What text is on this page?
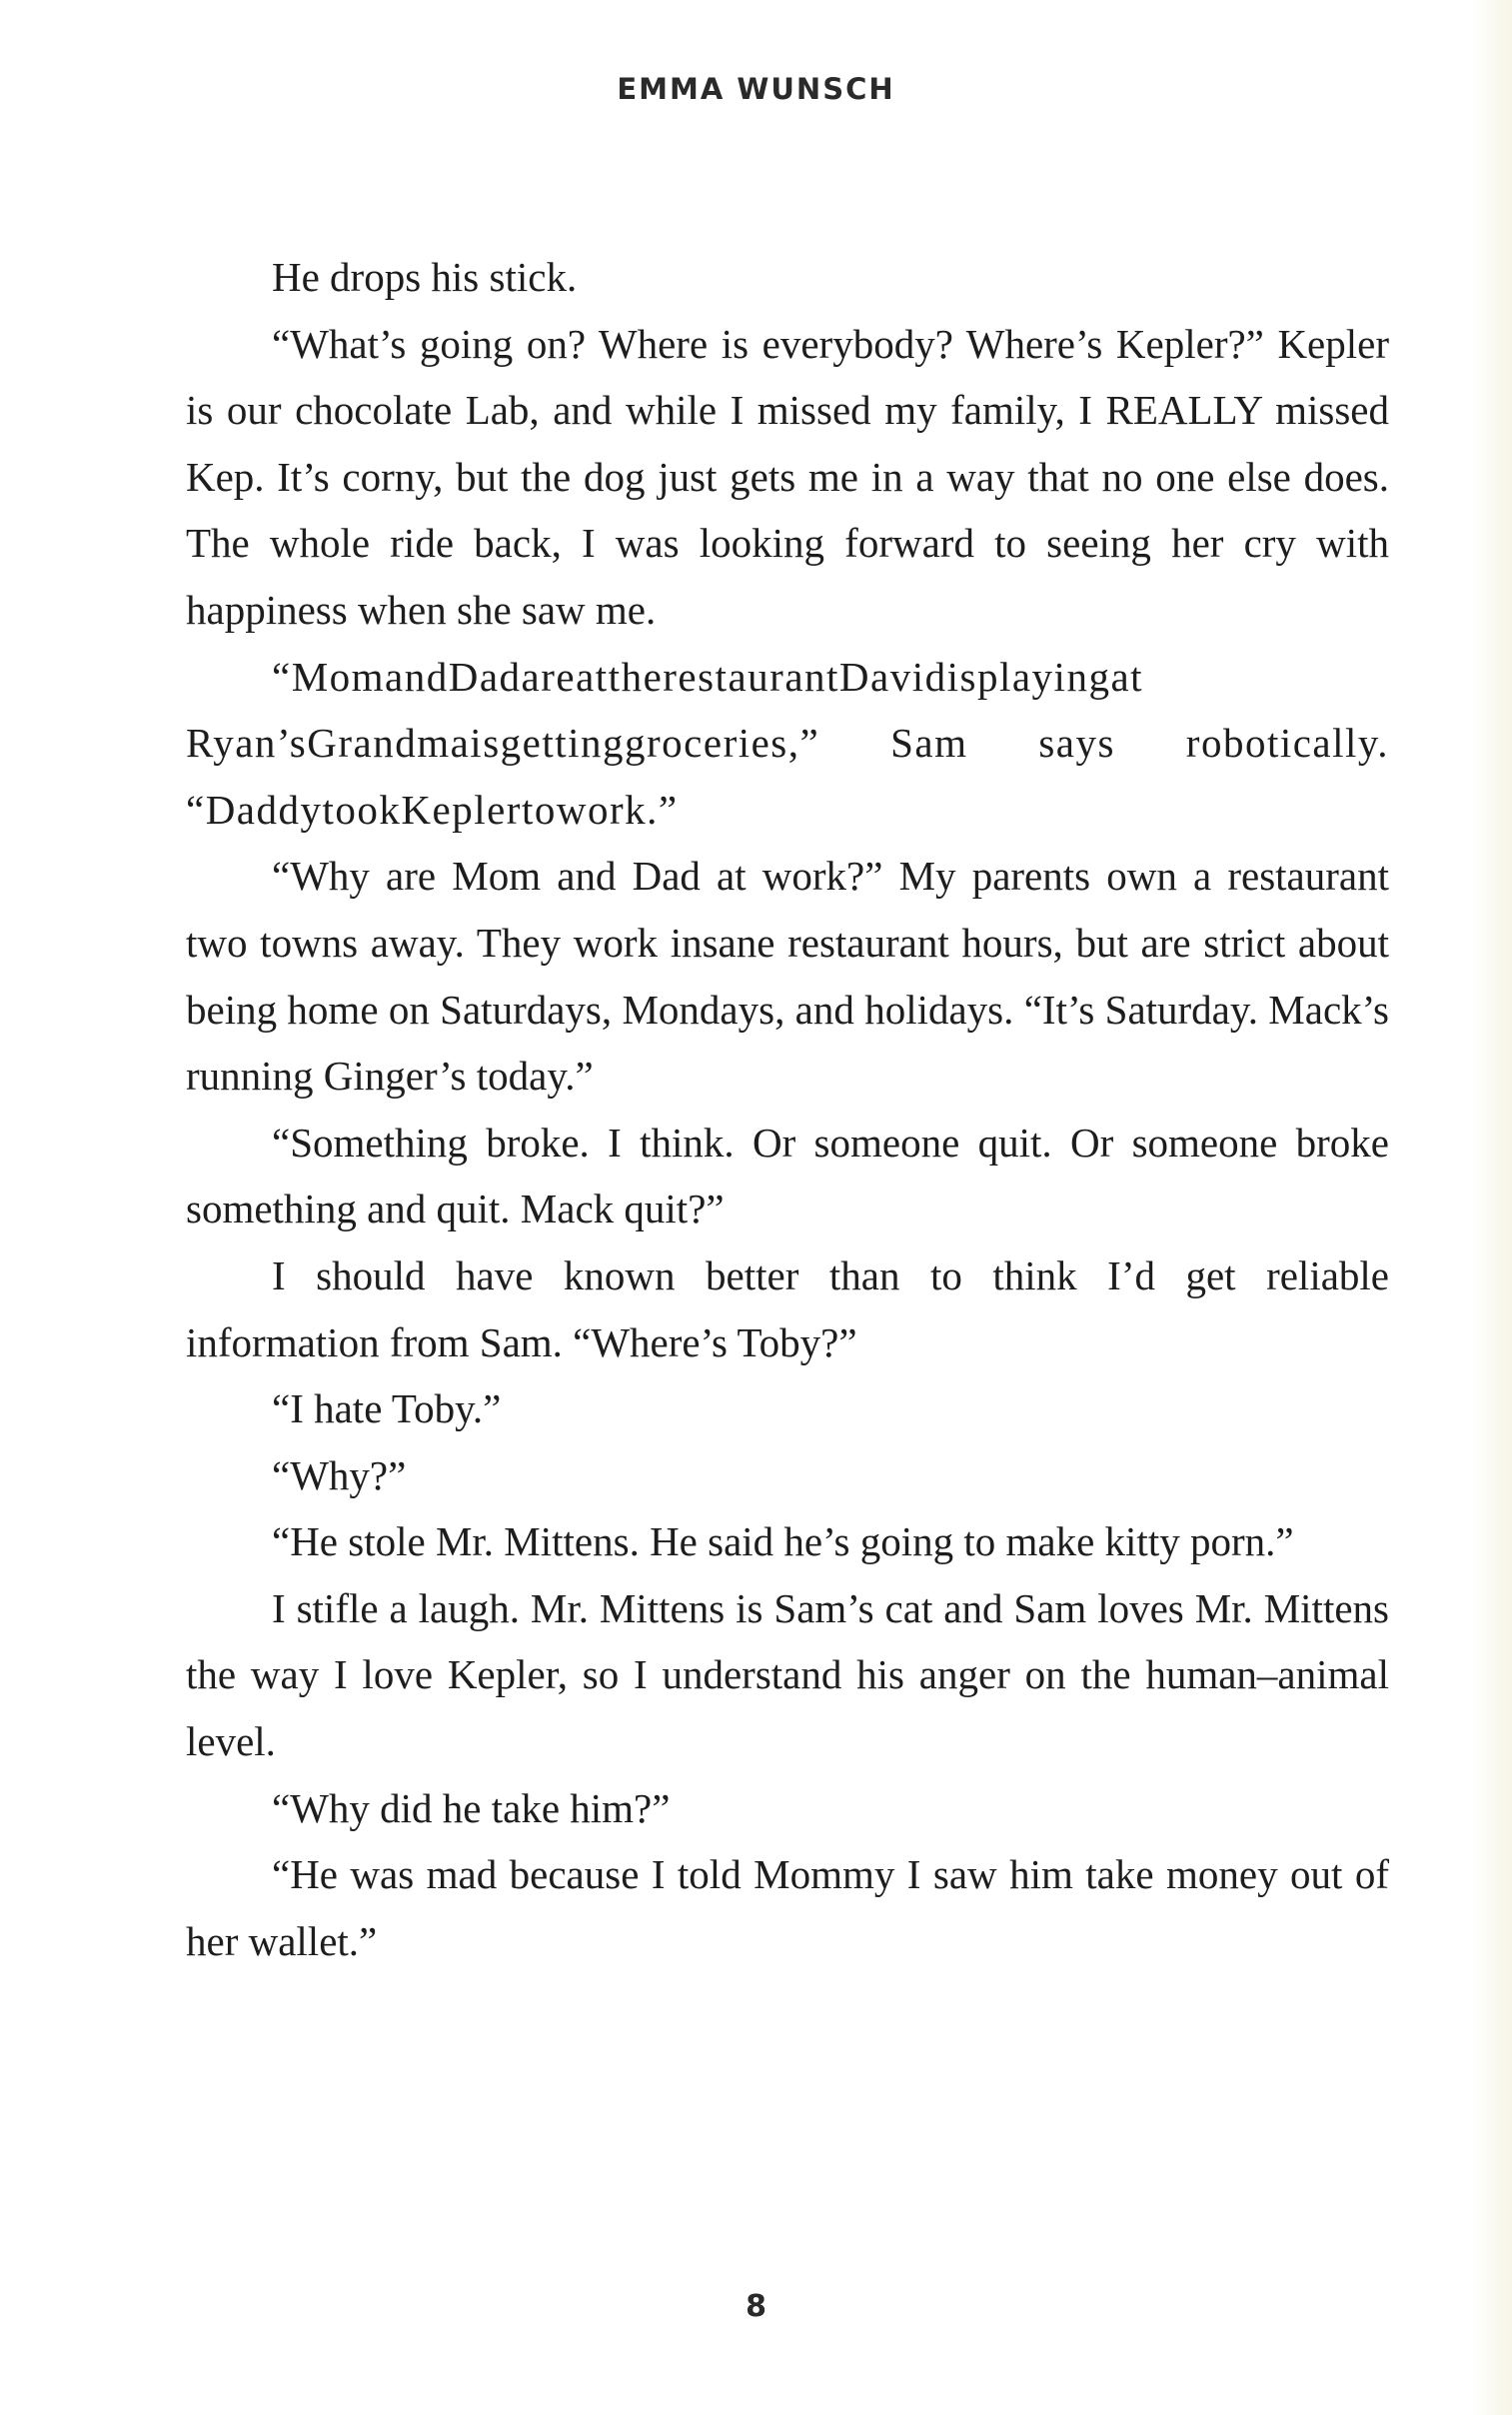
EMMA WUNSCH

He drops his stick.

“What’s going on? Where is everybody? Where’s Kepler?” Kepler is our chocolate Lab, and while I missed my family, I REALLY missed Kep. It’s corny, but the dog just gets me in a way that no one else does. The whole ride back, I was looking forward to seeing her cry with happiness when she saw me.

“MomandDadareattherestaurantDavidisplayingat Ryan’sGrandmaisgettinggroceries,” Sam says robotically. “DaddytookKeplertowork.”

“Why are Mom and Dad at work?” My parents own a restaurant two towns away. They work insane restaurant hours, but are strict about being home on Saturdays, Mondays, and holidays. “It’s Saturday. Mack’s running Ginger’s today.”

“Something broke. I think. Or someone quit. Or someone broke something and quit. Mack quit?”

I should have known better than to think I’d get reliable information from Sam. “Where’s Toby?”

“I hate Toby.”

“Why?”

“He stole Mr. Mittens. He said he’s going to make kitty porn.”

I stifle a laugh. Mr. Mittens is Sam’s cat and Sam loves Mr. Mittens the way I love Kepler, so I understand his anger on the human–animal level.

“Why did he take him?”

“He was mad because I told Mommy I saw him take money out of her wallet.”

8
